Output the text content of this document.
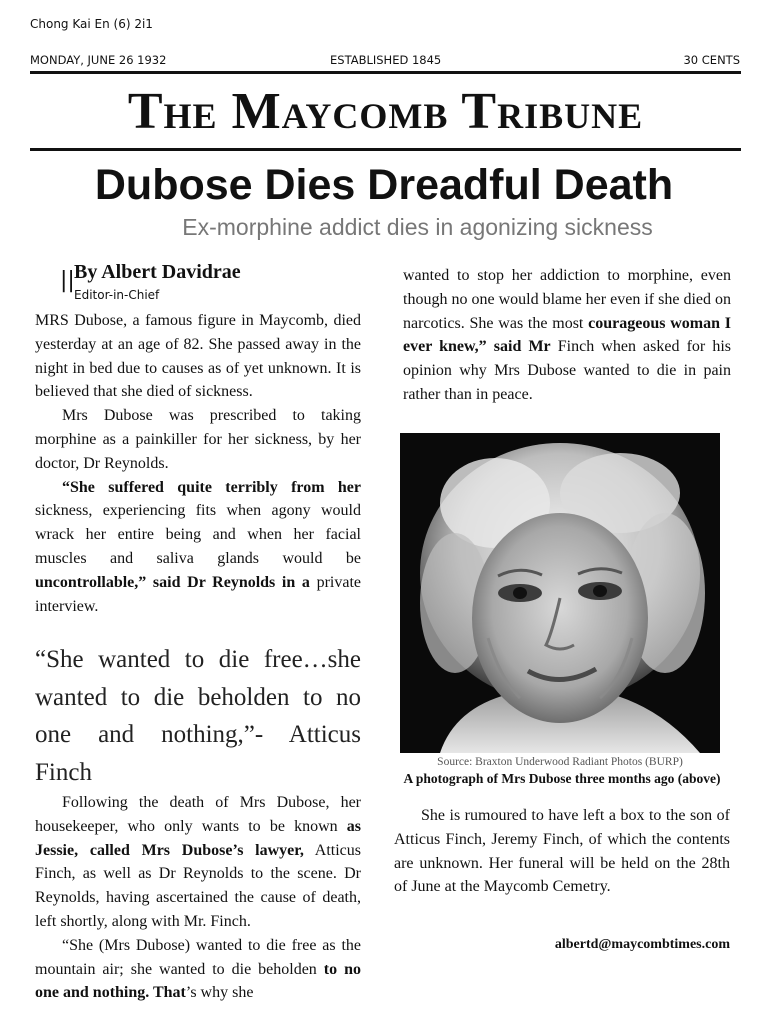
Chong Kai En (6) 2i1
MONDAY, JUNE 26 1932	ESTABLISHED 1845	30 CENTS
The Maycomb Tribune
Dubose Dies Dreadful Death
Ex-morphine addict dies in agonizing sickness
|| By Albert Davidrae
Editor-in-Chief

MRS Dubose, a famous figure in Maycomb, died yesterday at an age of 82. She passed away in the night in bed due to causes as of yet unknown. It is believed that she died of sickness.

Mrs Dubose was prescribed to taking morphine as a painkiller for her sickness, by her doctor, Dr Reynolds.

“She suffered quite terribly from her sickness, experiencing fits when agony would wrack her entire being and when her facial muscles and saliva glands would be uncontrollable,” said Dr Reynolds in a private interview.

“She wanted to die free…she wanted to die beholden to no one and nothing,”- Atticus Finch

Following the death of Mrs Dubose, her housekeeper, who only wants to be known as Jessie, called Mrs Dubose’s lawyer, Atticus Finch, as well as Dr Reynolds to the scene. Dr Reynolds, having ascertained the cause of death, left shortly, along with Mr. Finch.

“She (Mrs Dubose) wanted to die free as the mountain air; she wanted to die beholden to no one and nothing. That’s why she

wanted to stop her addiction to morphine, even though no one would blame her even if she died on narcotics. She was the most courageous woman I ever knew,” said Mr Finch when asked for his opinion why Mrs Dubose wanted to die in pain rather than in peace.

Source: Braxton Underwood Radiant Photos (BURP)
A photograph of Mrs Dubose three months ago (above)

She is rumoured to have left a box to the son of Atticus Finch, Jeremy Finch, of which the contents are unknown. Her funeral will be held on the 28th of June at the Maycomb Cemetry.

albertd@maycombtimes.com
